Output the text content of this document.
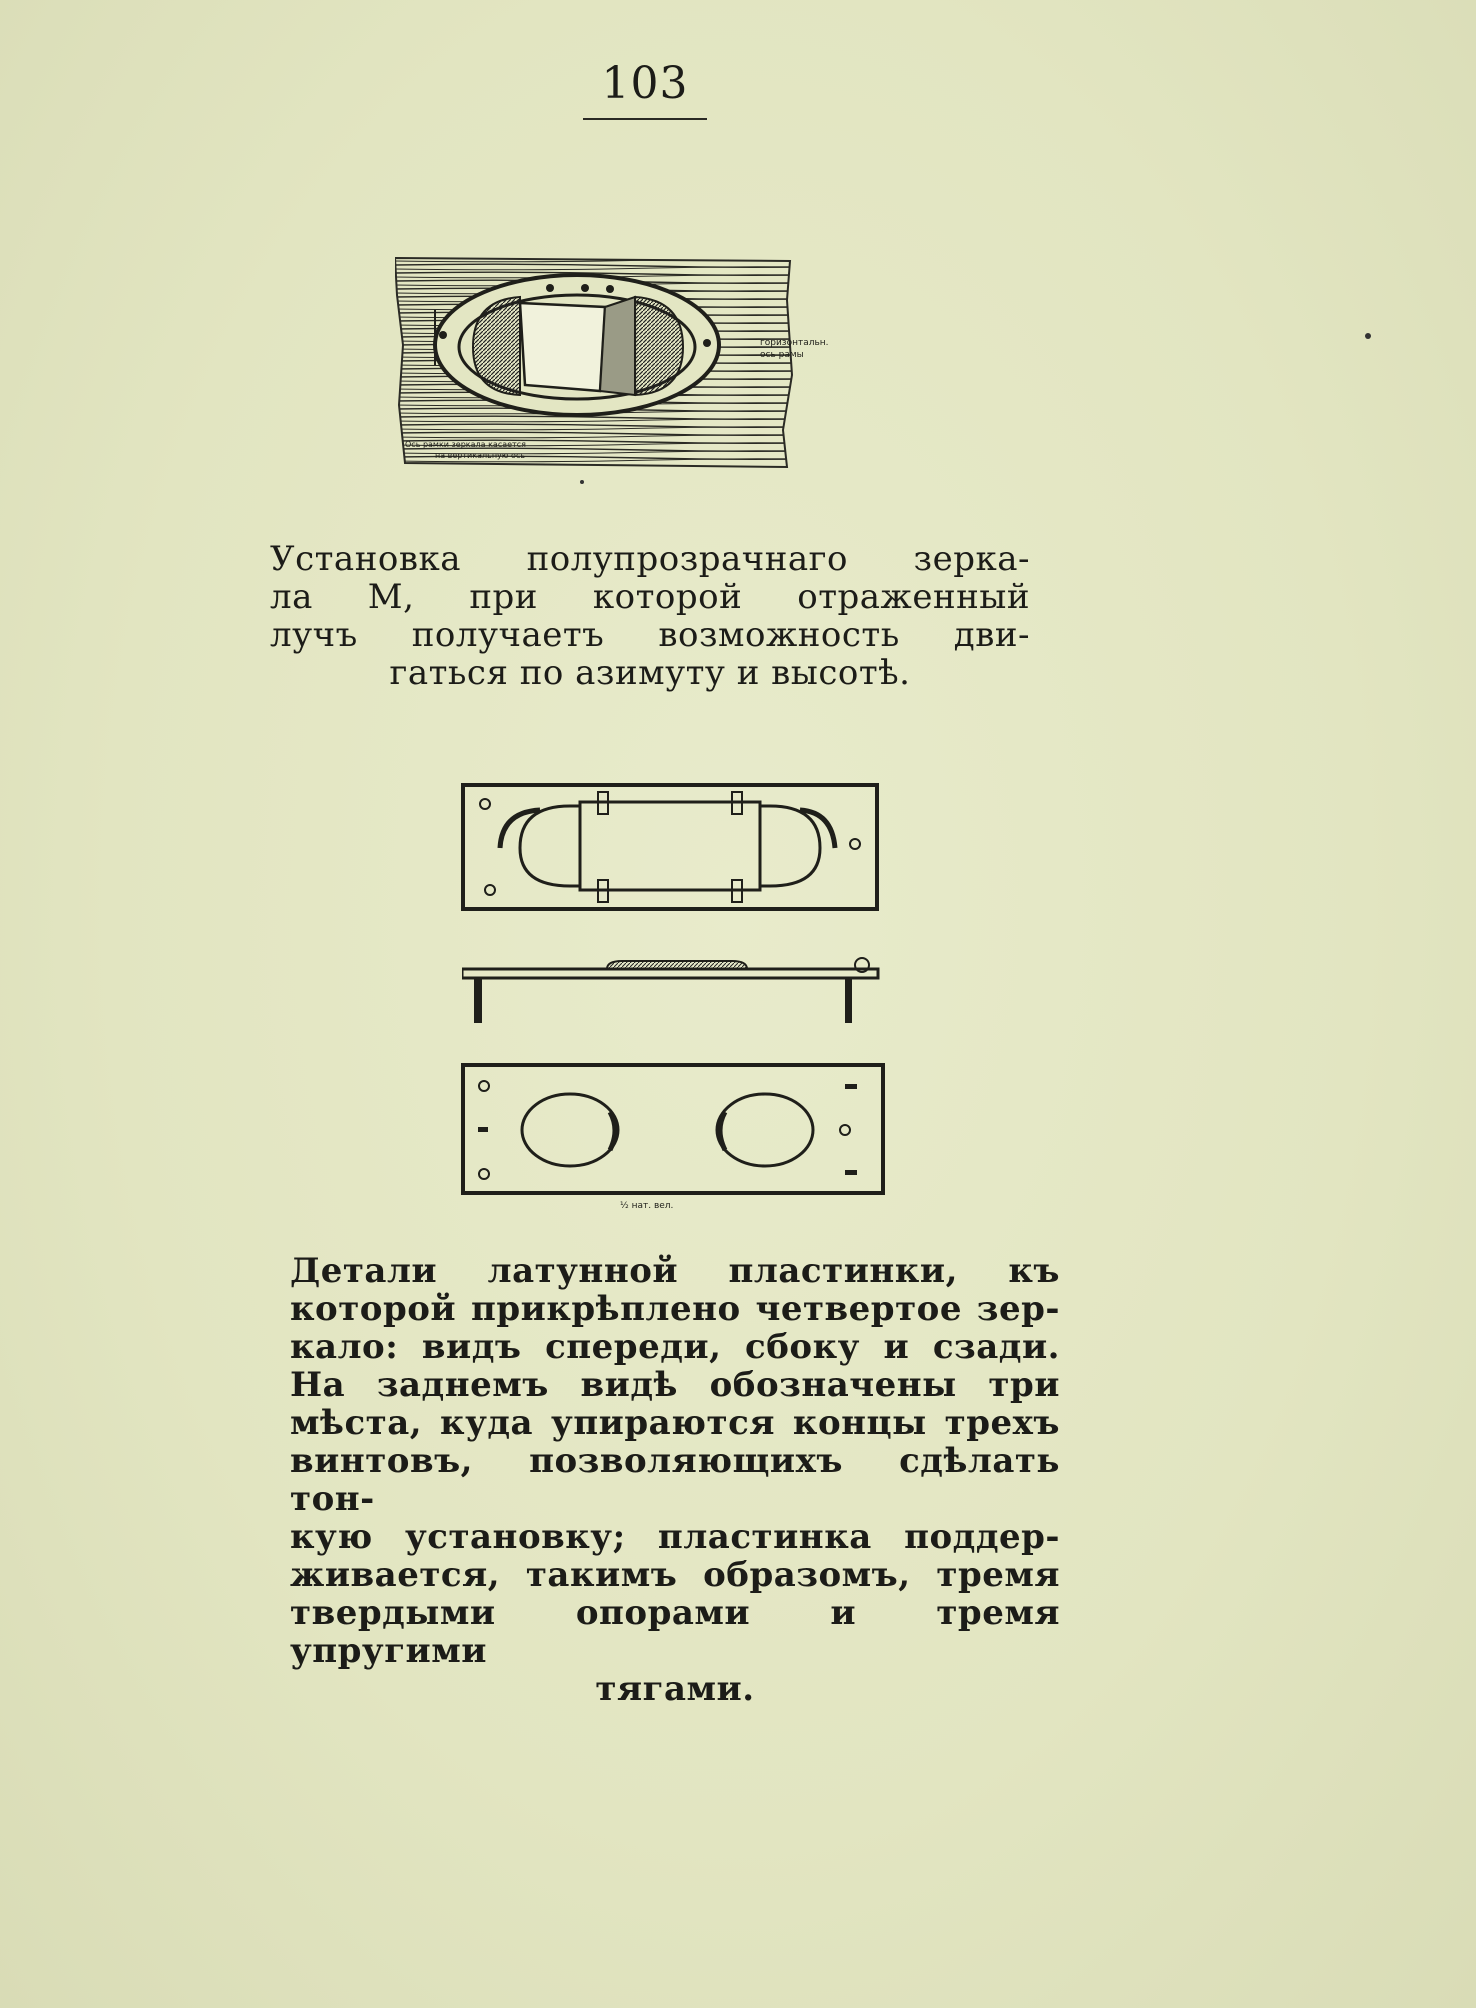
103
горизонтальн.
ось рамы
Ось рамки зеркала касается
на вертикальную ось
Установка полупрозрачнаго зерка-
ла M, при которой отраженный
лучъ получаетъ возможность дви-
гаться по азимуту и высотѣ.
½ нат. вел.
Детали латунной пластинки, къ
которой прикрѣплено четвертое зер-
кало: видъ спереди, сбоку и сзади.
На заднемъ видѣ обозначены три
мѣста, куда упираются концы трехъ
винтовъ, позволяющихъ сдѣлать тон-
кую установку; пластинка поддер-
живается, такимъ образомъ, тремя
твердыми опорами и тремя упругими
тягами.
